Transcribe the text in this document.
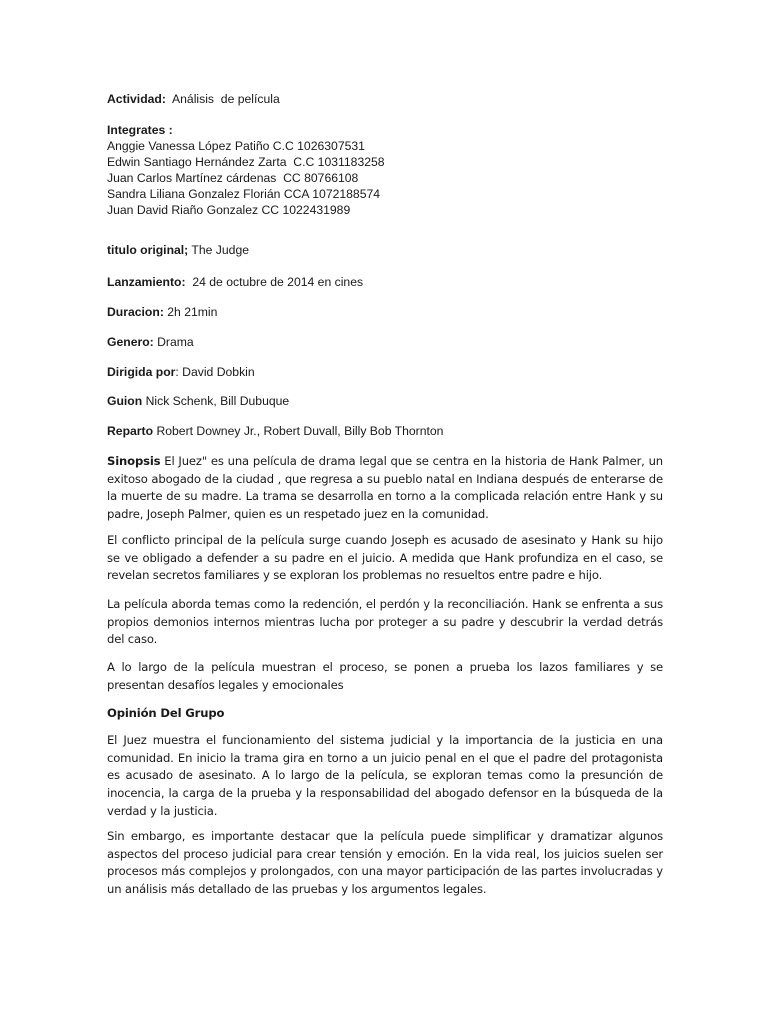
Actividad:  Análisis  de película
Integrates :
Anggie Vanessa López Patiño C.C 1026307531
Edwin Santiago Hernández Zarta  C.C 1031183258
Juan Carlos Martínez cárdenas  CC 80766108
Sandra Liliana Gonzalez Florián CCA 1072188574
Juan David Riaño Gonzalez CC 1022431989
titulo original; The Judge
Lanzamiento:  24 de octubre de 2014 en cines
Duracion: 2h 21min
Genero: Drama
Dirigida por: David Dobkin
Guion Nick Schenk, Bill Dubuque
Reparto Robert Downey Jr., Robert Duvall, Billy Bob Thornton

Sinopsis El Juez" es una película de drama legal que se centra en la historia de Hank Palmer, un exitoso abogado de la ciudad , que regresa a su pueblo natal en Indiana después de enterarse de la muerte de su madre. La trama se desarrolla en torno a la complicada relación entre Hank y su padre, Joseph Palmer, quien es un respetado juez en la comunidad.

El conflicto principal de la película surge cuando Joseph es acusado de asesinato y Hank su hijo se ve obligado a defender a su padre en el juicio. A medida que Hank profundiza en el caso, se revelan secretos familiares y se exploran los problemas no resueltos entre padre e hijo.

La película aborda temas como la redención, el perdón y la reconciliación. Hank se enfrenta a sus propios demonios internos mientras lucha por proteger a su padre y descubrir la verdad detrás del caso.

A lo largo de la película muestran el proceso, se ponen a prueba los lazos familiares y se presentan desafíos legales y emocionales

Opinión Del Grupo

El Juez muestra el funcionamiento del sistema judicial y la importancia de la justicia en una comunidad. En inicio la trama gira en torno a un juicio penal en el que el padre del protagonista es acusado de asesinato. A lo largo de la película, se exploran temas como la presunción de inocencia, la carga de la prueba y la responsabilidad del abogado defensor en la búsqueda de la verdad y la justicia.

Sin embargo, es importante destacar que la película puede simplificar y dramatizar algunos aspectos del proceso judicial para crear tensión y emoción. En la vida real, los juicios suelen ser procesos más complejos y prolongados, con una mayor participación de las partes involucradas y un análisis más detallado de las pruebas y los argumentos legales.
